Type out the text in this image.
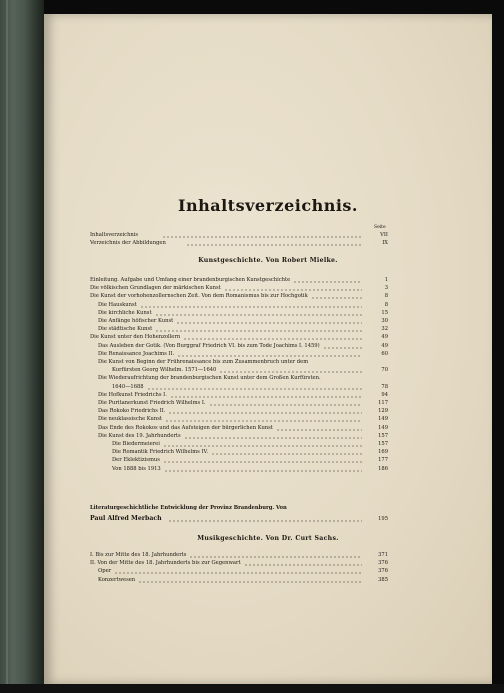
Inhaltsverzeichnis.
Seite
Inhaltsverzeichnis	VII
Verzeichnis der Abbildungen	IX
Kunstgeschichte. Von Robert Mielke.
Einleitung. Aufgabe und Umfang einer brandenburgischen Kunstgeschichte	1
Die völkischen Grundlagen der märkischen Kunst	3
Die Kunst der vorhohenzollernschen Zeit. Von dem Romanismus bis zur Hochgotik	8
Die Hauskunst	8
Die kirchliche Kunst	15
Die Anfänge höfischer Kunst	30
Die städtische Kunst	32
Die Kunst unter den Hohenzollern	49
Das Ausleben der Gotik. (Von Burggraf Friedrich VI. bis zum Tode Joachims I. 1459)	49
Die Renaissance Joachims II.	60
Die Kunst von Beginn der Frührenaissance bis zum Zusammenbruch unter dem
Kurfürsten Georg Wilhelm. 1571—1640	70
Die Wiederaufrichtung der brandenburgischen Kunst unter dem Großen Kurfürsten.
1640—1688	78
Die Hofkunst Friedrichs I.	94
Die Puritanerkunst Friedrich Wilhelms I.	117
Das Rokoko Friedrichs II.	129
Die neuklassische Kunst	149
Das Ende des Rokokos und das Aufsteigen der bürgerlichen Kunst	149
Die Kunst des 19. Jahrhunderts	157
Die Biedermeierei	157
Die Romantik Friedrich Wilhelms IV.	169
Der Eklektizismus	177
Von 1888 bis 1913	186
Literaturgeschichtliche Entwicklung der Provinz Brandenburg. Von
Paul Alfred Merbach	195
Musikgeschichte. Von Dr. Curt Sachs.
I. Bis zur Mitte des 18. Jahrhunderts	371
II. Von der Mitte des 18. Jahrhunderts bis zur Gegenwart	376
Oper	376
Konzertwesen	385
